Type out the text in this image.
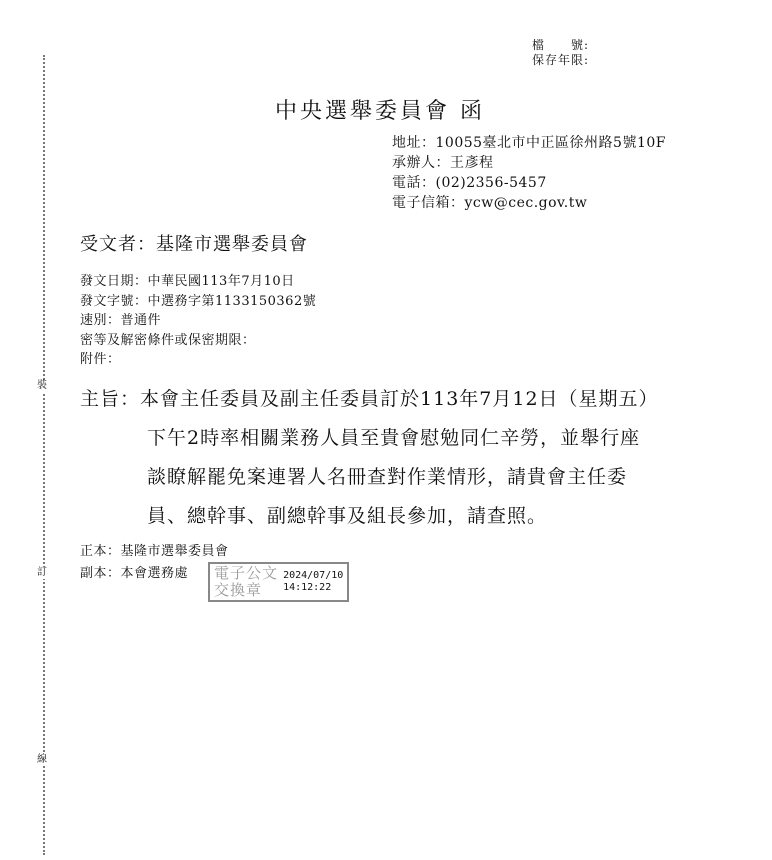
裝
訂
線
檔　　號:
保存年限:
中央選舉委員會 函
地址：10055臺北市中正區徐州路5號10F
承辦人：王彥程
電話：(02)2356-5457
電子信箱：ycw@cec.gov.tw
受文者：基隆市選舉委員會
發文日期：中華民國113年7月10日
發文字號：中選務字第1133150362號
速別：普通件
密等及解密條件或保密期限：
附件：
主旨：本會主任委員及副主任委員訂於113年7月12日（星期五）
下午2時率相關業務人員至貴會慰勉同仁辛勞，並舉行座
談瞭解罷免案連署人名冊查對作業情形，請貴會主任委
員、總幹事、副總幹事及組長參加，請查照。
正本：基隆市選舉委員會
副本：本會選務處	電 子 公 文
交 換 章
2024/07/10
14:12:22
